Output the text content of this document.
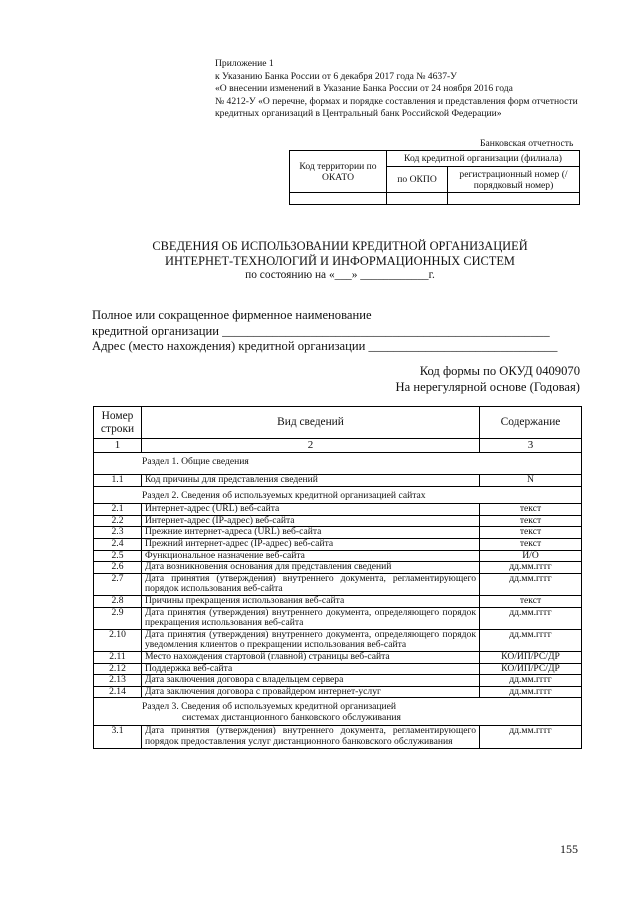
Приложение 1
к Указанию Банка России от 6 декабря 2017 года № 4637-У
«О внесении изменений в Указание Банка России от 24 ноября 2016 года
№ 4212-У «О перечне, формах и порядке составления и представления форм отчетности кредитных организаций в Центральный банк Российской Федерации»
Банковская отчетность
Код территории по ОКАТО	Код кредитной организации (филиала)	
	по ОКПО	регистрационный номер (/порядковый номер)

СВЕДЕНИЯ ОБ ИСПОЛЬЗОВАНИИ КРЕДИТНОЙ ОРГАНИЗАЦИЕЙ
ИНТЕРНЕТ-ТЕХНОЛОГИЙ И ИНФОРМАЦИОННЫХ СИСТЕМ
по состоянию на «___» ____________г.
Полное или сокращенное фирменное наименование
кредитной организации ____________________________________________________
Адрес (место нахождения) кредитной организации ______________________________
Код формы по ОКУД 0409070
На нерегулярной основе (Годовая)
Номер строки	Вид сведений	Содержание
1	2	3
Раздел 1. Общие сведения		
1.1	Код причины для представления сведений	N

Раздел 2. Сведения об используемых кредитной организацией сайтах		

2.1	Интернет-адрес (URL) веб-сайта	текст
2.2	Интернет-адрес (IP-адрес) веб-сайта	текст
2.3	Прежние интернет-адреса (URL) веб-сайта	текст
2.4	Прежний интернет-адрес (IP-адрес) веб-сайта	текст
2.5	Функциональное назначение веб-сайта	И/О
2.6	Дата возникновения основания для представления сведений	дд.мм.гггг
2.7	Дата принятия (утверждения) внутреннего документа, регламентирующего порядок использования веб-сайта	дд.мм.гггг
2.8	Причины прекращения использования веб-сайта	текст
2.9	Дата принятия (утверждения) внутреннего документа, определяющего порядок прекращения использования веб-сайта	дд.мм.гггг
2.10	Дата принятия (утверждения) внутреннего документа, определяющего порядок уведомления клиентов о прекращении использования веб-сайта	дд.мм.гггг
2.11	Место нахождения стартовой (главной) страницы веб-сайта	КО/ИП/РС/ДР
2.12	Поддержка веб-сайта	КО/ИП/РС/ДР
2.13	Дата заключения договора с владельцем сервера	дд.мм.гггг
2.14	Дата заключения договора с провайдером интернет-услуг	дд.мм.гггг

Раздел 3. Сведения об используемых кредитной организацией
системах дистанционного банковского обслуживания		

3.1	Дата принятия (утверждения) внутреннего документа, регламентирующего порядок предоставления услуг дистанционного банковского обслуживания	дд.мм.гггг
155
